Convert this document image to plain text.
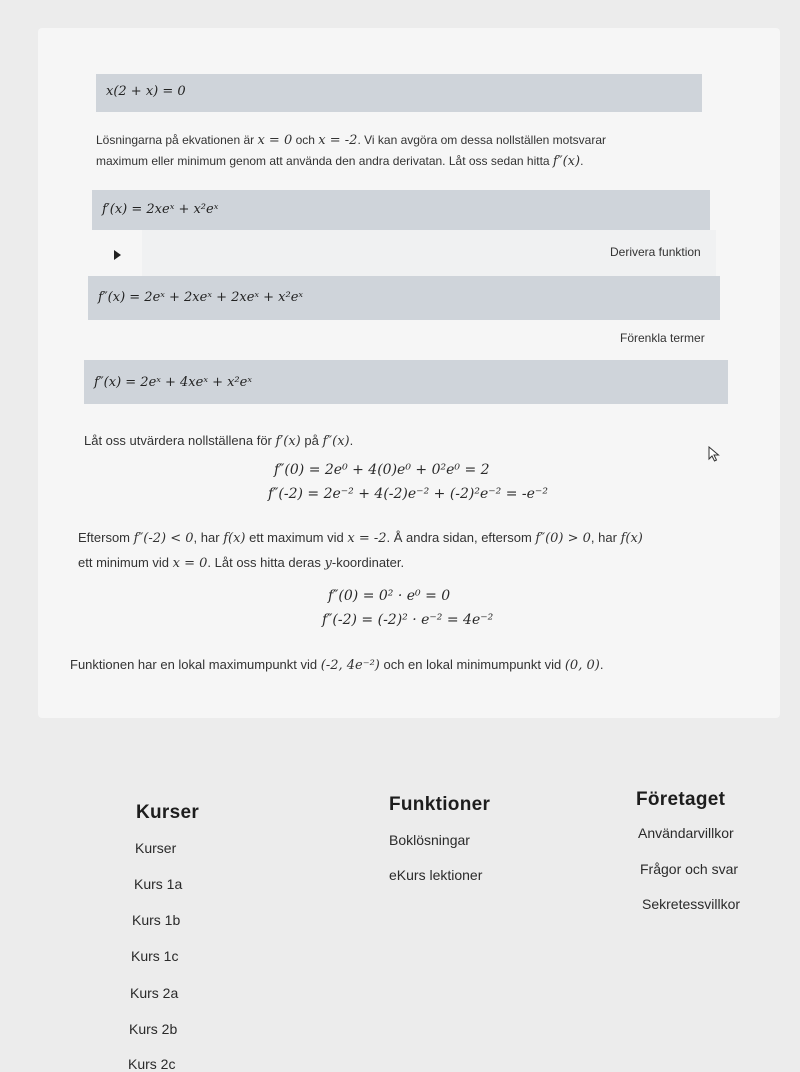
x(2 + x) = 0
Lösningarna på ekvationen är x = 0 och x = -2. Vi kan avgöra om dessa nollställen motsvarar
maximum eller minimum genom att använda den andra derivatan. Låt oss sedan hitta f″(x).
f′(x) = 2xeˣ + x²eˣ
Derivera funktion
f″(x) = 2eˣ + 2xeˣ + 2xeˣ + x²eˣ
Förenkla termer
f″(x) = 2eˣ + 4xeˣ + x²eˣ
Låt oss utvärdera nollställena för f′(x) på f″(x).
f″(0) = 2e⁰ + 4(0)e⁰ + 0²e⁰ = 2
f″(-2) = 2e⁻² + 4(-2)e⁻² + (-2)²e⁻² = -e⁻²
Eftersom f″(-2) < 0, har f(x) ett maximum vid x = -2. Å andra sidan, eftersom f″(0) > 0, har f(x)
ett minimum vid x = 0. Låt oss hitta deras y-koordinater.
f″(0) = 0² · e⁰ = 0
f″(-2) = (-2)² · e⁻² = 4e⁻²
Funktionen har en lokal maximumpunkt vid (-2, 4e⁻²) och en lokal minimumpunkt vid (0, 0).
Kurser
Kurser
Kurs 1a
Kurs 1b
Kurs 1c
Kurs 2a
Kurs 2b
Kurs 2c
Funktioner
Boklösningar
eKurs lektioner
Företaget
Användarvillkor
Frågor och svar
Sekretessvillkor
